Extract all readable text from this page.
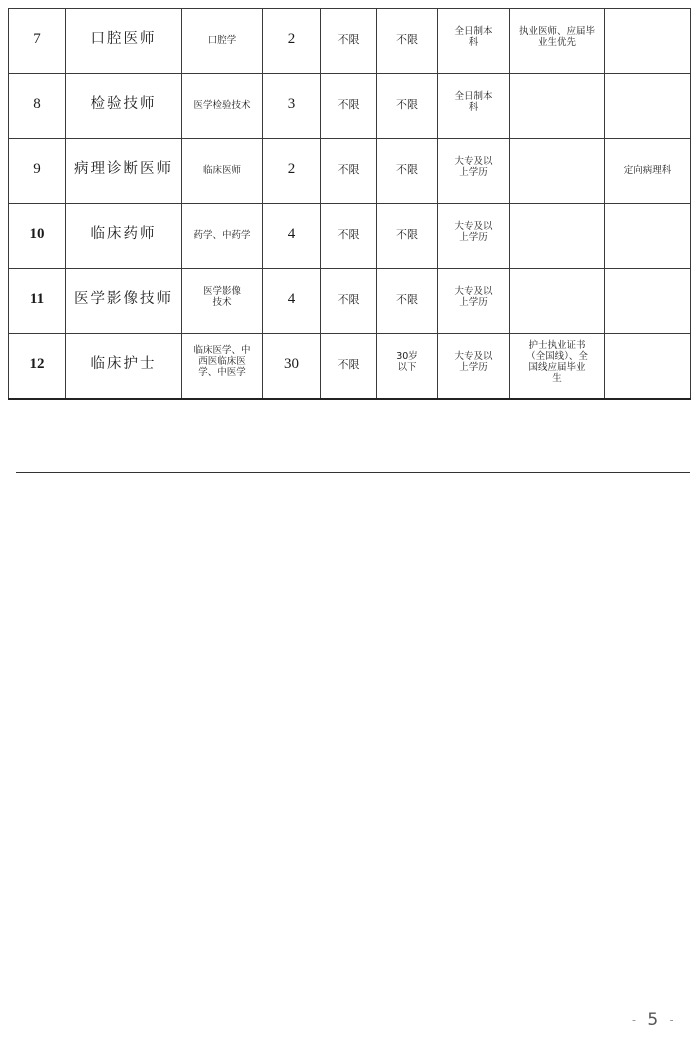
7	口腔医师	口腔学	2	$^{不限}$	$^{不限}$	全日制本科	执业医师、应届毕业生优先	
8	检验技师	医学检验技术	3	$^{不限}$	$^{不限}$	全日制本科		
9	病理诊断医师	临床医师	2	$^{不限}$	$^{不限}$	大专及以上学历		定向病理科
10	临床药师	药学、中药学	4	$^{不限}$	$^{不限}$	大专及以上学历		
11	医学影像技师	医学影像技术	4	$^{不限}$	$^{不限}$	大专及以上学历		
12	临床护士	临床医学、中西医临床医学、中医学	30	$^{不限}$	30岁以下	大专及以上学历	护士执业证书（全国线）、全国线应届毕业生	
- 5 -
